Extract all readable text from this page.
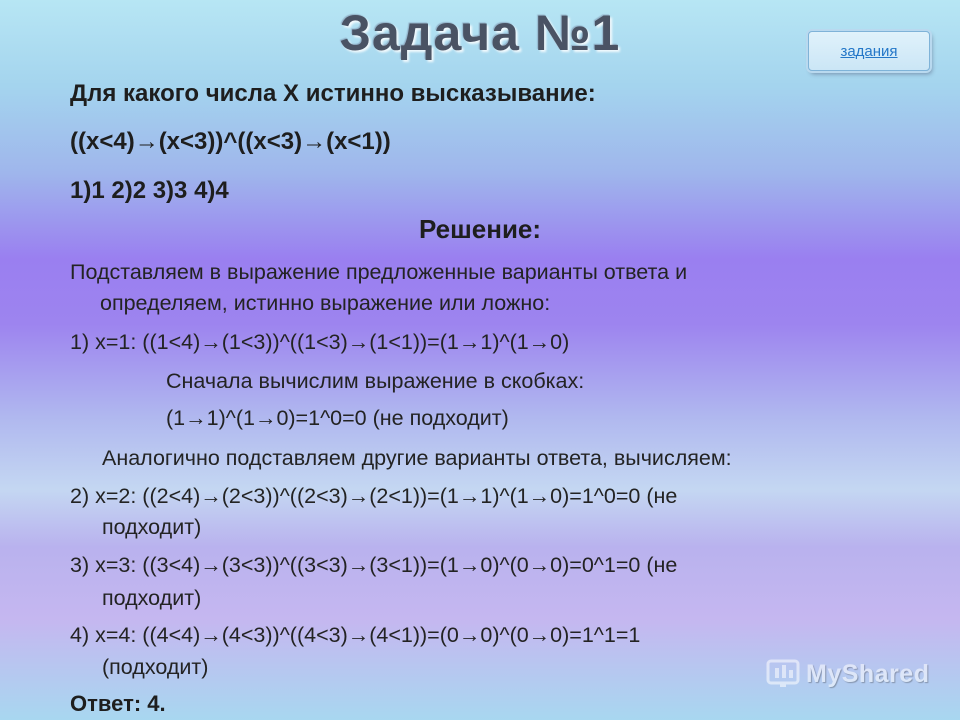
Задача №1	задания
Для какого числа X истинно высказывание:
((x<4)→(x<3))^((x<3)→(x<1))
1)1 2)2 3)3 4)4
Решение:
Подставляем в выражение предложенные варианты ответа и
определяем, истинно выражение или ложно:
1) x=1: ((1<4)→(1<3))^((1<3)→(1<1))=(1→1)^(1→0)
Сначала вычислим выражение в скобках:
(1→1)^(1→0)=1^0=0 (не подходит)
Аналогично подставляем другие варианты ответа, вычисляем:
2) x=2: ((2<4)→(2<3))^((2<3)→(2<1))=(1→1)^(1→0)=1^0=0 (не
подходит)
3) x=3: ((3<4)→(3<3))^((3<3)→(3<1))=(1→0)^(0→0)=0^1=0 (не
подходит)
4) x=4: ((4<4)→(4<3))^((4<3)→(4<1))=(0→0)^(0→0)=1^1=1
(подходит)
Ответ: 4.
MyShared
